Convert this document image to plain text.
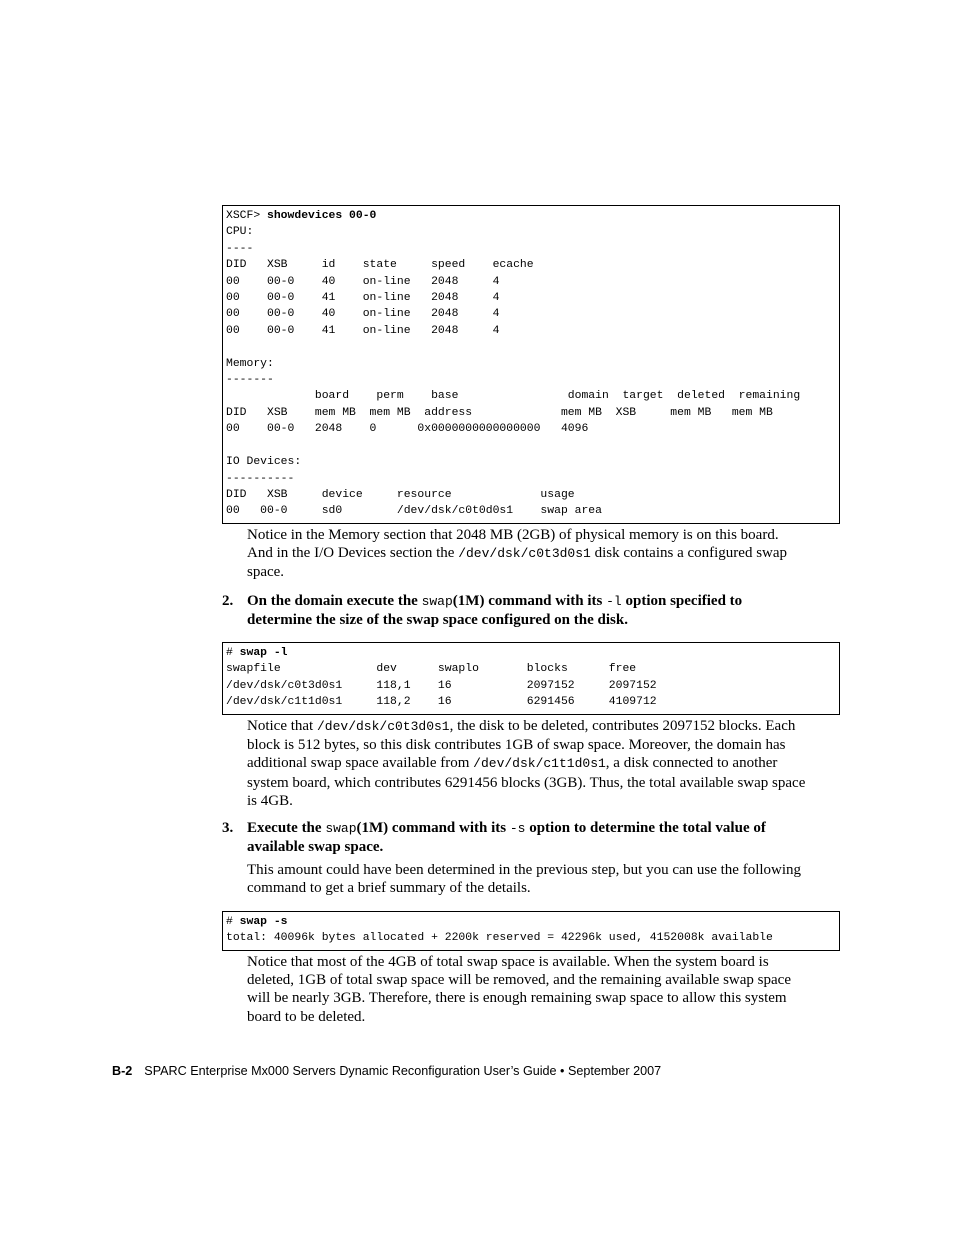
XSCF> showdevices 00-0
CPU:
----
DID   XSB     id    state     speed    ecache
00    00-0    40    on-line   2048     4
00    00-0    41    on-line   2048     4
00    00-0    40    on-line   2048     4
00    00-0    41    on-line   2048     4

Memory:
-------
board    perm    base                domain  target  deleted  remaining
DID   XSB    mem MB  mem MB  address             mem MB  XSB     mem MB   mem MB
00    00-0   2048    0      0x0000000000000000   4096

IO Devices:
----------
DID   XSB     device     resource             usage
00   00-0     sd0        /dev/dsk/c0t0d0s1    swap area

Notice in the Memory section that 2048 MB (2GB) of physical memory is on this board. And in the I/O Devices section the /dev/dsk/c0t3d0s1 disk contains a configured swap space.

2. On the domain execute the swap(1M) command with its -l option specified to determine the size of the swap space configured on the disk.
# swap -l
swapfile              dev      swaplo       blocks      free
/dev/dsk/c0t3d0s1     118,1    16           2097152     2097152
/dev/dsk/c1t1d0s1     118,2    16           6291456     4109712

Notice that /dev/dsk/c0t3d0s1, the disk to be deleted, contributes 2097152 blocks. Each block is 512 bytes, so this disk contributes 1GB of swap space. Moreover, the domain has additional swap space available from /dev/dsk/c1t1d0s1, a disk connected to another system board, which contributes 6291456 blocks (3GB). Thus, the total available swap space is 4GB.

3. Execute the swap(1M) command with its -s option to determine the total value of available swap space.

This amount could have been determined in the previous step, but you can use the following command to get a brief summary of the details.

# swap -s
total: 40096k bytes allocated + 2200k reserved = 42296k used, 4152008k available

Notice that most of the 4GB of total swap space is available. When the system board is deleted, 1GB of total swap space will be removed, and the remaining available swap space will be nearly 3GB. Therefore, there is enough remaining swap space to allow this system board to be deleted.

B-2 SPARC Enterprise Mx000 Servers Dynamic Reconfiguration User’s Guide • September 2007
